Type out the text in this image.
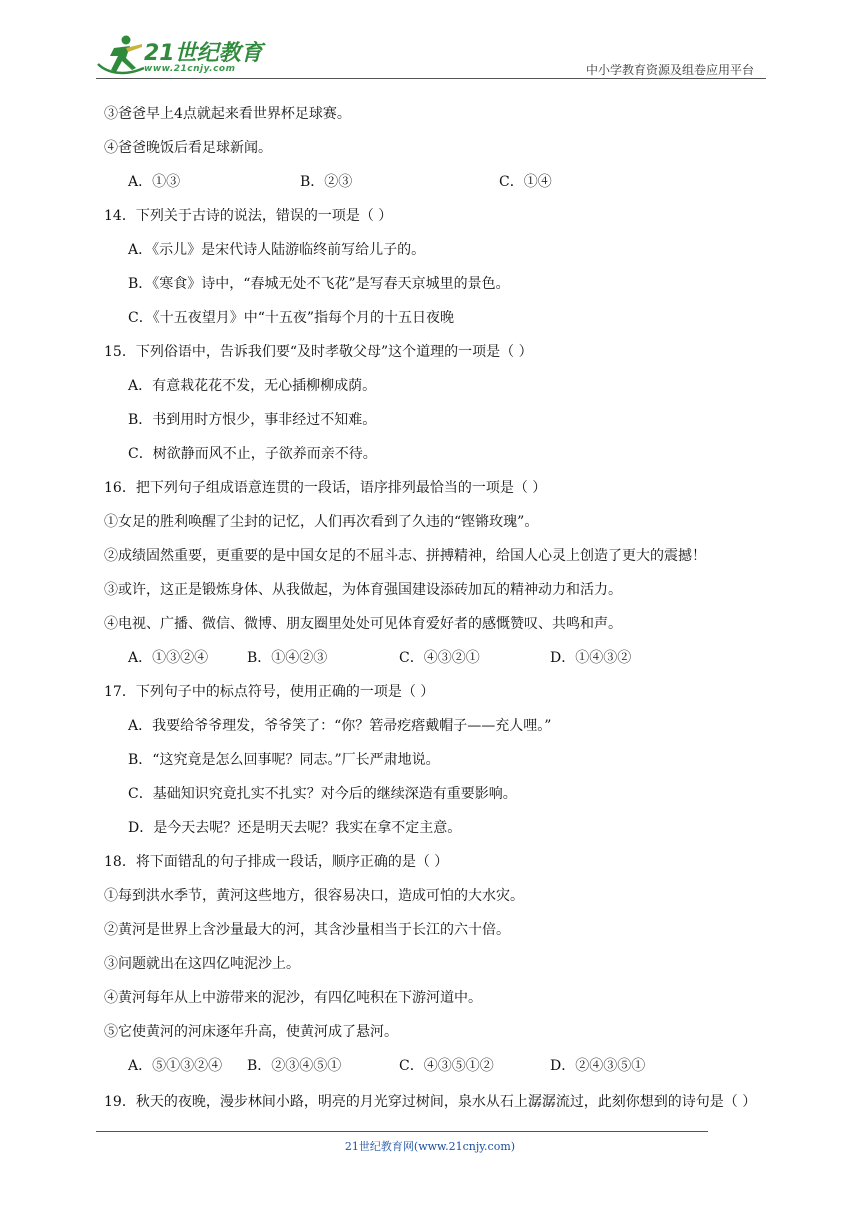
21世纪教育
www.21cnjy.com	中小学教育资源及组卷应用平台
③爸爸早上4点就起来看世界杯足球赛。
④爸爸晚饭后看足球新闻。
A．①③	B．②③	C．①④
14．下列关于古诗的说法，错误的一项是（ ）
A．《示儿》是宋代诗人陆游临终前写给儿子的。
B．《寒食》诗中，“春城无处不飞花”是写春天京城里的景色。
C．《十五夜望月》中“十五夜”指每个月的十五日夜晚
15．下列俗语中，告诉我们要“及时孝敬父母”这个道理的一项是（ ）
A．有意栽花花不发，无心插柳柳成荫。
B．书到用时方恨少，事非经过不知难。
C．树欲静而风不止，子欲养而亲不待。
16．把下列句子组成语意连贯的一段话，语序排列最恰当的一项是（ ）
①女足的胜利唤醒了尘封的记忆，人们再次看到了久违的“铿锵玫瑰”。
②成绩固然重要，更重要的是中国女足的不屈斗志、拼搏精神，给国人心灵上创造了更大的震撼！
③或许，这正是锻炼身体、从我做起，为体育强国建设添砖加瓦的精神动力和活力。
④电视、广播、微信、微博、朋友圈里处处可见体育爱好者的感慨赞叹、共鸣和声。
A．①③②④	B．①④②③	C．④③②①	D．①④③②
17．下列句子中的标点符号，使用正确的一项是（ ）
A．我要给爷爷理发，爷爷笑了：“你？箬帚疙瘩戴帽子——充人哩。”
B．“这究竟是怎么回事呢？同志。”厂长严肃地说。
C．基础知识究竟扎实不扎实？对今后的继续深造有重要影响。
D．是今天去呢？还是明天去呢？我实在拿不定主意。
18．将下面错乱的句子排成一段话，顺序正确的是（ ）
①每到洪水季节，黄河这些地方，很容易决口，造成可怕的大水灾。
②黄河是世界上含沙量最大的河，其含沙量相当于长江的六十倍。
③问题就出在这四亿吨泥沙上。
④黄河每年从上中游带来的泥沙，有四亿吨积在下游河道中。
⑤它使黄河的河床逐年升高，使黄河成了悬河。
A．⑤①③②④ B．②③④⑤①	C．④③⑤①②	D．②④③⑤①
19．秋天的夜晚，漫步林间小路，明亮的月光穿过树间，泉水从石上潺潺流过，此刻你想到的诗句是（ ）
21世纪教育网(www.21cnjy.com)
